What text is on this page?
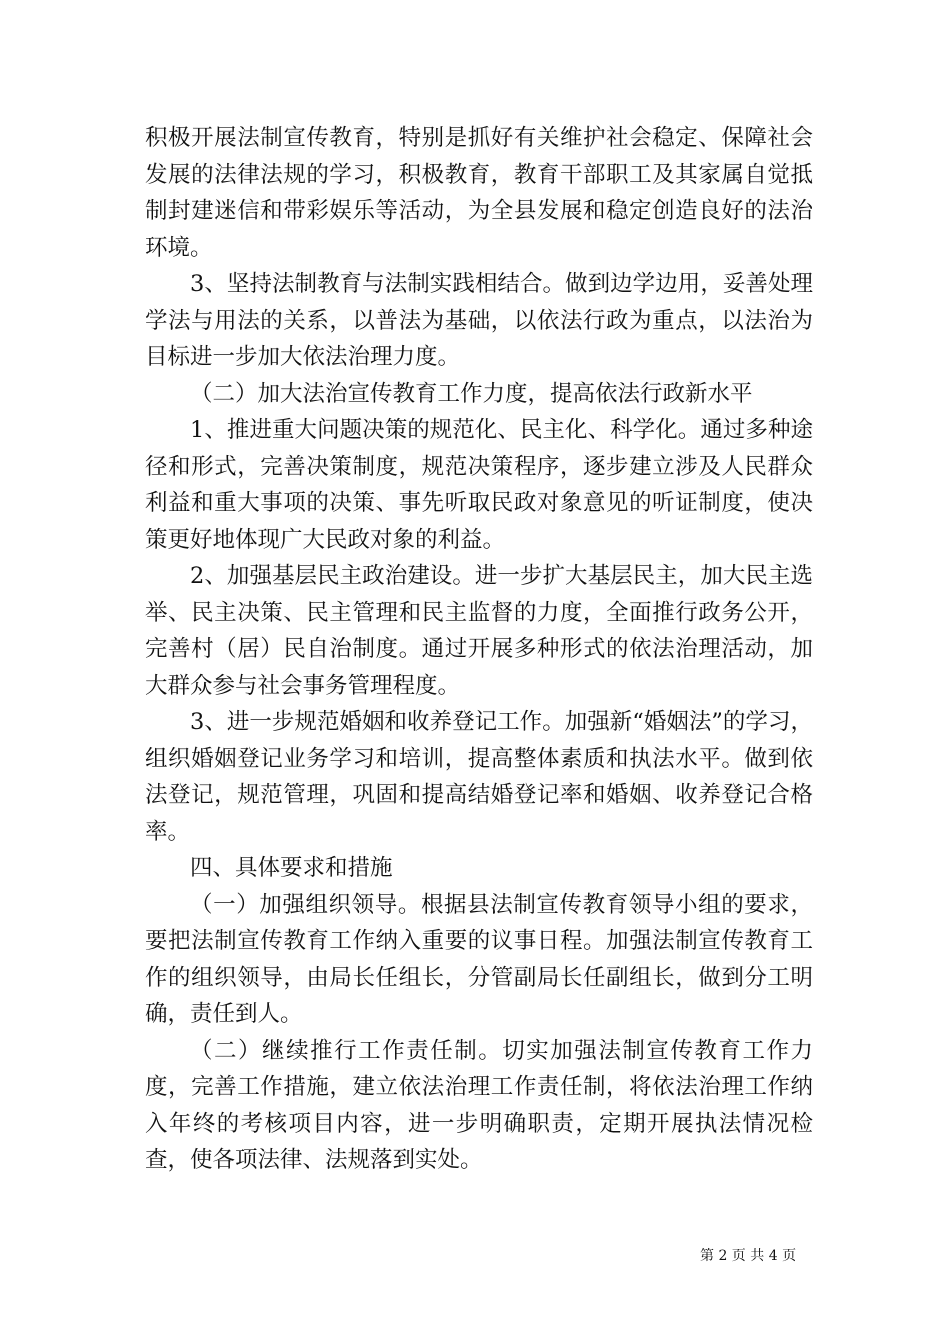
积极开展法制宣传教育，特别是抓好有关维护社会稳定、保障社会发展的法律法规的学习，积极教育，教育干部职工及其家属自觉抵制封建迷信和带彩娱乐等活动，为全县发展和稳定创造良好的法治环境。

3、坚持法制教育与法制实践相结合。做到边学边用，妥善处理学法与用法的关系，以普法为基础，以依法行政为重点，以法治为目标进一步加大依法治理力度。

（二）加大法治宣传教育工作力度，提高依法行政新水平

1、推进重大问题决策的规范化、民主化、科学化。通过多种途径和形式，完善决策制度，规范决策程序，逐步建立涉及人民群众利益和重大事项的决策、事先听取民政对象意见的听证制度，使决策更好地体现广大民政对象的利益。

2、加强基层民主政治建设。进一步扩大基层民主，加大民主选举、民主决策、民主管理和民主监督的力度，全面推行政务公开，完善村（居）民自治制度。通过开展多种形式的依法治理活动，加大群众参与社会事务管理程度。

3、进一步规范婚姻和收养登记工作。加强新“婚姻法”的学习，组织婚姻登记业务学习和培训，提高整体素质和执法水平。做到依法登记，规范管理，巩固和提高结婚登记率和婚姻、收养登记合格率。

四、具体要求和措施

（一）加强组织领导。根据县法制宣传教育领导小组的要求，要把法制宣传教育工作纳入重要的议事日程。加强法制宣传教育工作的组织领导，由局长任组长，分管副局长任副组长，做到分工明确，责任到人。

（二）继续推行工作责任制。切实加强法制宣传教育工作力度，完善工作措施，建立依法治理工作责任制，将依法治理工作纳入年终的考核项目内容，进一步明确职责，定期开展执法情况检查，使各项法律、法规落到实处。

第 2 页 共 4 页
